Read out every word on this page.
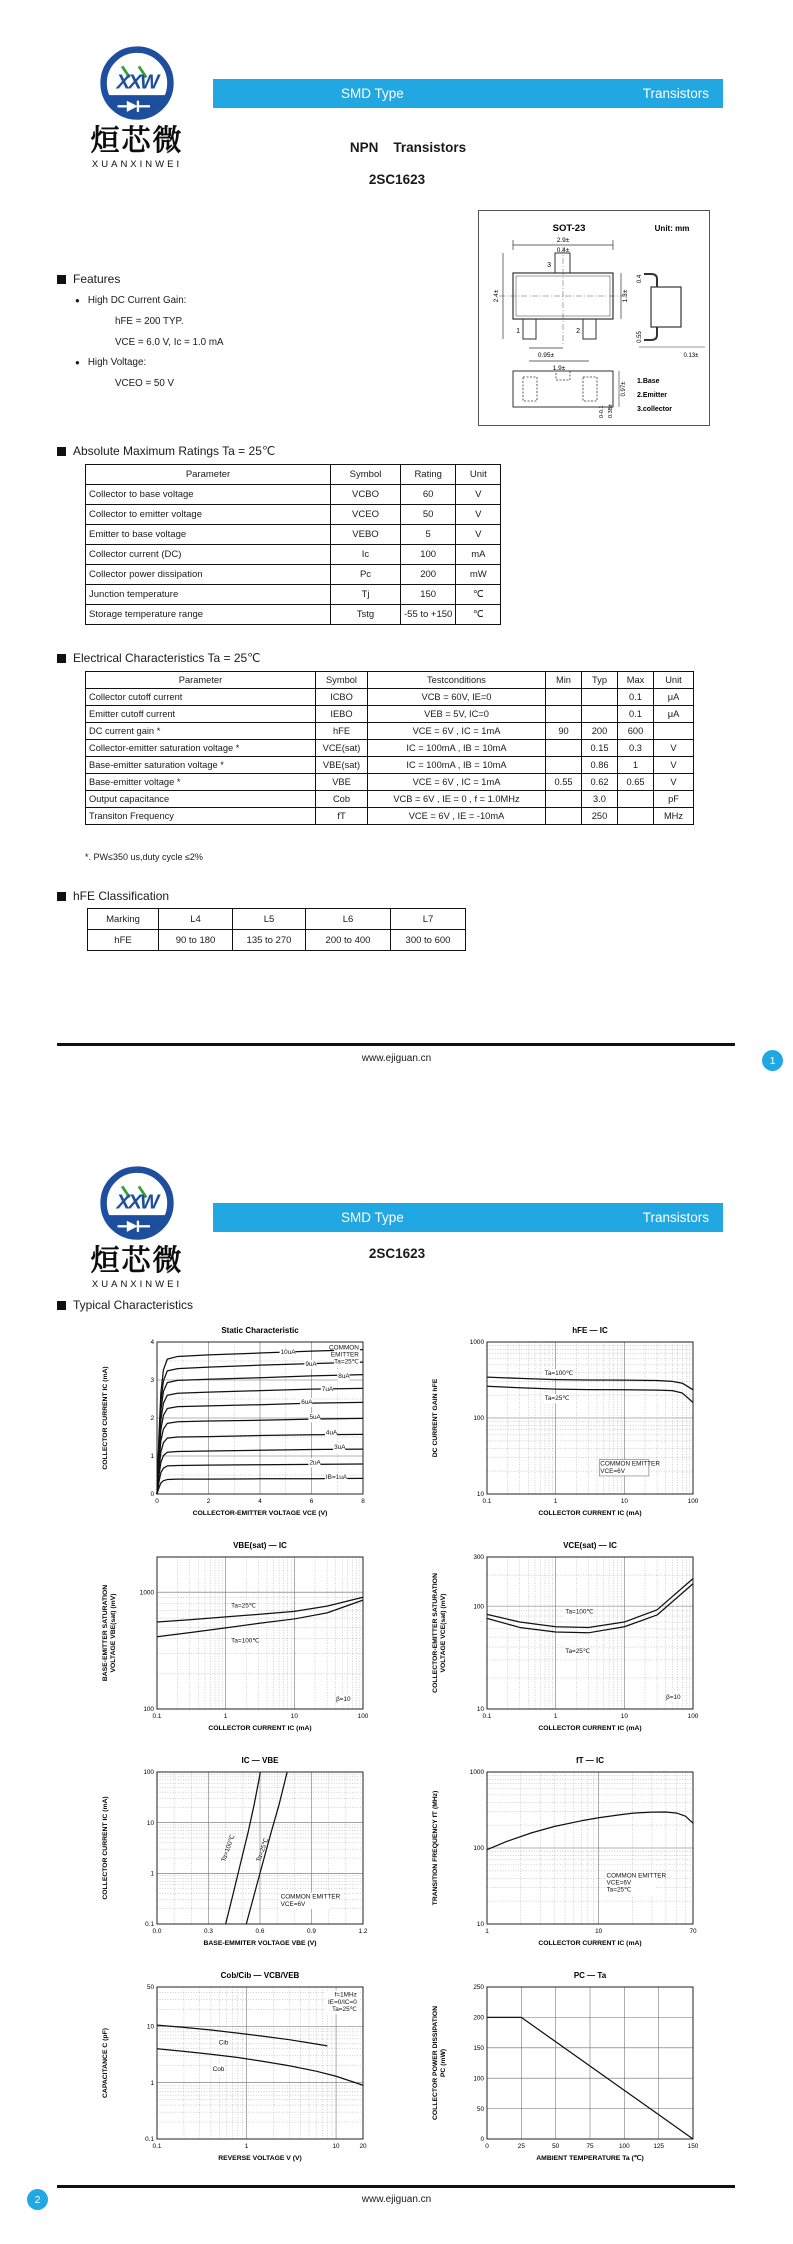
XXW
烜芯微
XUANXINWEI
SMD Type	Transistors
NPN    Transistors
2SC1623
SOT-23	Unit: mm
2.9±
0.4±
3
1	2
2.4±	1.3±
0.95±
1.9±
0.4
0.55
0.13±
0.97±
0-0.1 0.38±
1.Base
2.Emitter
3.collector
Features
● High DC Current Gain:
hFE = 200 TYP.
VCE = 6.0 V, Ic = 1.0 mA
● High Voltage:
VCEO = 50 V
Absolute Maximum Ratings Ta = 25℃
Parameter	Symbol	Rating	Unit
Collector to base voltage	VCBO	60	V
Collector to emitter voltage	VCEO	50	V
Emitter to base voltage	VEBO	5	V
Collector current (DC)	Ic	100	mA
Collector power dissipation	Pc	200	mW
Junction temperature	Tj	150	℃
Storage temperature range	Tstg	-55 to +150	℃
Electrical Characteristics Ta = 25℃
Parameter	Symbol	Testconditions	Min	Typ	Max	Unit
Collector cutoff current	ICBO	VCB = 60V, IE=0			0.1	μA
Emitter cutoff current	IEBO	VEB = 5V, IC=0			0.1	μA
DC current gain *	hFE	VCE = 6V , IC = 1mA	90	200	600	
Collector-emitter saturation voltage *	VCE(sat)	IC = 100mA , IB = 10mA		0.15	0.3	V
Base-emitter saturation voltage *	VBE(sat)	IC = 100mA , IB = 10mA		0.86	1	V
Base-emitter voltage *	VBE	VCE = 6V , IC = 1mA	0.55	0.62	0.65	V
Output capacitance	Cob	VCB = 6V , IE = 0 , f = 1.0MHz		3.0		pF
Transiton Frequency	fT	VCE = 6V , IE = -10mA		250		MHz
*. PW≤350 us,duty cycle ≤2%
hFE Classification
Marking	L4	L5	L6	L7
hFE	90 to 180	135 to 270	200 to 400	300 to 600
www.ejiguan.cn	1
XXW
烜芯微
XUANXINWEI
SMD Type	Transistors
2SC1623
Typical Characteristics
10uA
9uA
8uA
7uA
6uA
5uA
4uA
3uA
2uA
IB=1uA
COMMON EMITTER Ta=25℃
0	2	4	6	8
0
1
2
3
4
COLLECTOR-EMITTER VOLTAGE VCE (V)
COLLECTOR CURRENT IC (mA)
Static Characteristic
Ta=100℃
Ta=25℃
COMMON EMITTER VCE=6V
0.1	1	10	100
10
100
1000
COLLECTOR CURRENT IC (mA)
DC CURRENT GAIN hFE
hFE — IC
Ta=25℃
Ta=100℃
β=10
0.1	1	10	100
100
1000
COLLECTOR CURRENT IC (mA)
BASE-EMITTER SATURATION VOLTAGE VBE(sat) (mV)
VBE(sat) — IC
Ta=100℃
Ta=25℃
β=10
0.1	1	10	100
10
100
300
COLLECTOR CURRENT IC (mA)
COLLECTOR-EMITTER SATURATION VOLTAGE VCE(sat) (mV)
VCE(sat) — IC
Ta=100℃	Ta=25℃
COMMON EMITTER VCE=6V
0.0	0.3	0.6	0.9	1.2
0.1
1
10
100
BASE-EMMITER VOLTAGE VBE (V)
COLLECTOR CURRENT IC (mA)
IC — VBE
COMMON EMITTER VCE=6V Ta=25℃
1	10	70
10
100
1000
COLLECTOR CURRENT IC (mA)
TRANSITION FREQUENCY fT (MHz)
fT — IC
Cib
Cob
f=1MHz IE=0/IC=0 Ta=25℃
0.1	1	10	20
0.1
1
10
50
REVERSE VOLTAGE V (V)
CAPACITANCE C (pF)
Cob/Cib — VCB/VEB
0	25	50	75	100	125	150
0
50
100
150
200
250
AMBIENT TEMPERATURE Ta (℃)
COLLECTOR POWER DISSIPATION PC (mW)
PC — Ta
www.ejiguan.cn
2
